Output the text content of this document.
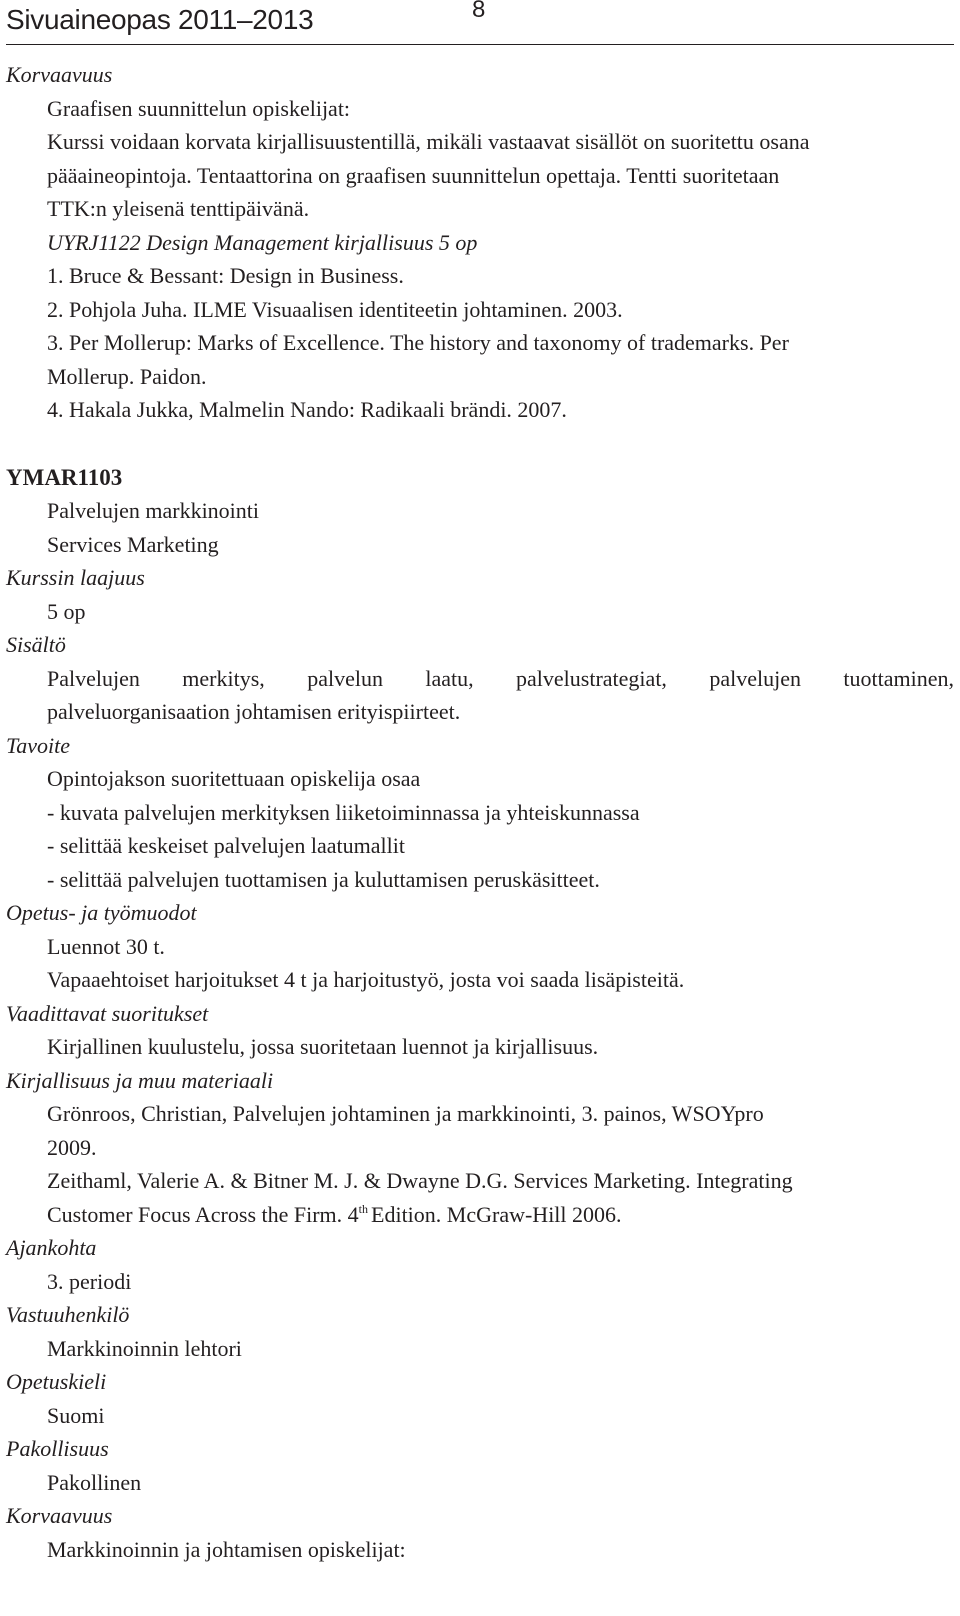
Sivuaineopas 2011–2013	8
Korvaavuus
Graafisen suunnittelun opiskelijat:
Kurssi voidaan korvata kirjallisuustentillä, mikäli vastaavat sisällöt on suoritettu osana
pääaineopintoja. Tentaattorina on graafisen suunnittelun opettaja. Tentti suoritetaan
TTK:n yleisenä tenttipäivänä.
UYRJ1122 Design Management kirjallisuus 5 op
1. Bruce & Bessant: Design in Business.
2. Pohjola Juha. ILME Visuaalisen identiteetin johtaminen. 2003.
3. Per Mollerup: Marks of Excellence. The history and taxonomy of trademarks. Per
Mollerup. Paidon.
4. Hakala Jukka, Malmelin Nando: Radikaali brändi. 2007.
YMAR1103
Palvelujen markkinointi
Services Marketing
Kurssin laajuus
5 op
Sisältö
Palvelujen merkitys, palvelun laatu, palvelustrategiat, palvelujen tuottaminen,
palveluorganisaation johtamisen erityispiirteet.
Tavoite
Opintojakson suoritettuaan opiskelija osaa
- kuvata palvelujen merkityksen liiketoiminnassa ja yhteiskunnassa
- selittää keskeiset palvelujen laatumallit
- selittää palvelujen tuottamisen ja kuluttamisen peruskäsitteet.
Opetus- ja työmuodot
Luennot 30 t.
Vapaaehtoiset harjoitukset 4 t ja harjoitustyö, josta voi saada lisäpisteitä.
Vaadittavat suoritukset
Kirjallinen kuulustelu, jossa suoritetaan luennot ja kirjallisuus.
Kirjallisuus ja muu materiaali
Grönroos, Christian, Palvelujen johtaminen ja markkinointi, 3. painos, WSOYpro
2009.
Zeithaml, Valerie A. & Bitner M. J. & Dwayne D.G. Services Marketing. Integrating
Customer Focus Across the Firm. 4th Edition. McGraw-Hill 2006.
Ajankohta
3. periodi
Vastuuhenkilö
Markkinoinnin lehtori
Opetuskieli
Suomi
Pakollisuus
Pakollinen
Korvaavuus
Markkinoinnin ja johtamisen opiskelijat:
